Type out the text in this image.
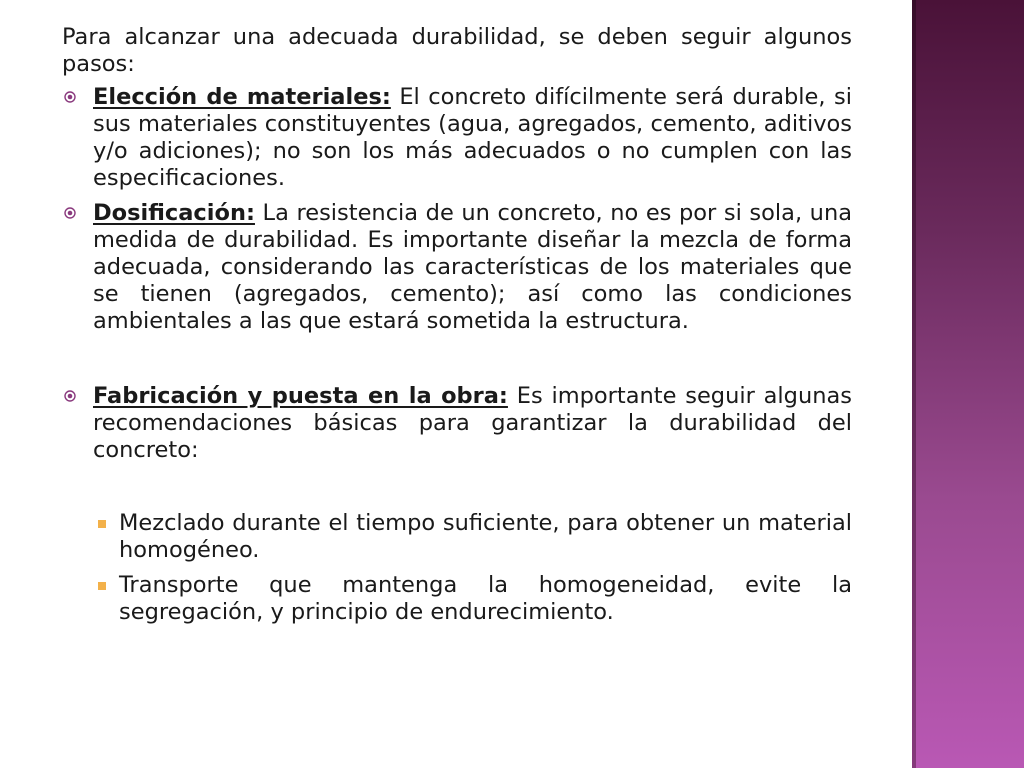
Para alcanzar una adecuada durabilidad, se deben seguir algunos pasos:

Elección de materiales: El concreto difícilmente será durable, si sus materiales constituyentes (agua, agregados, cemento, aditivos y/o adiciones); no son los más adecuados o no cumplen con las especificaciones.
Dosificación: La resistencia de un concreto, no es por si sola, una medida de durabilidad. Es importante diseñar la mezcla de forma adecuada, considerando las características de los materiales que se tienen (agregados, cemento); así como las condiciones ambientales a las que estará sometida la estructura.
Fabricación y puesta en la obra: Es importante seguir algunas recomendaciones básicas para garantizar la durabilidad del concreto:
Mezclado durante el tiempo suficiente, para obtener un material homogéneo.
Transporte que mantenga la homogeneidad, evite la segregación, y principio de endurecimiento.
